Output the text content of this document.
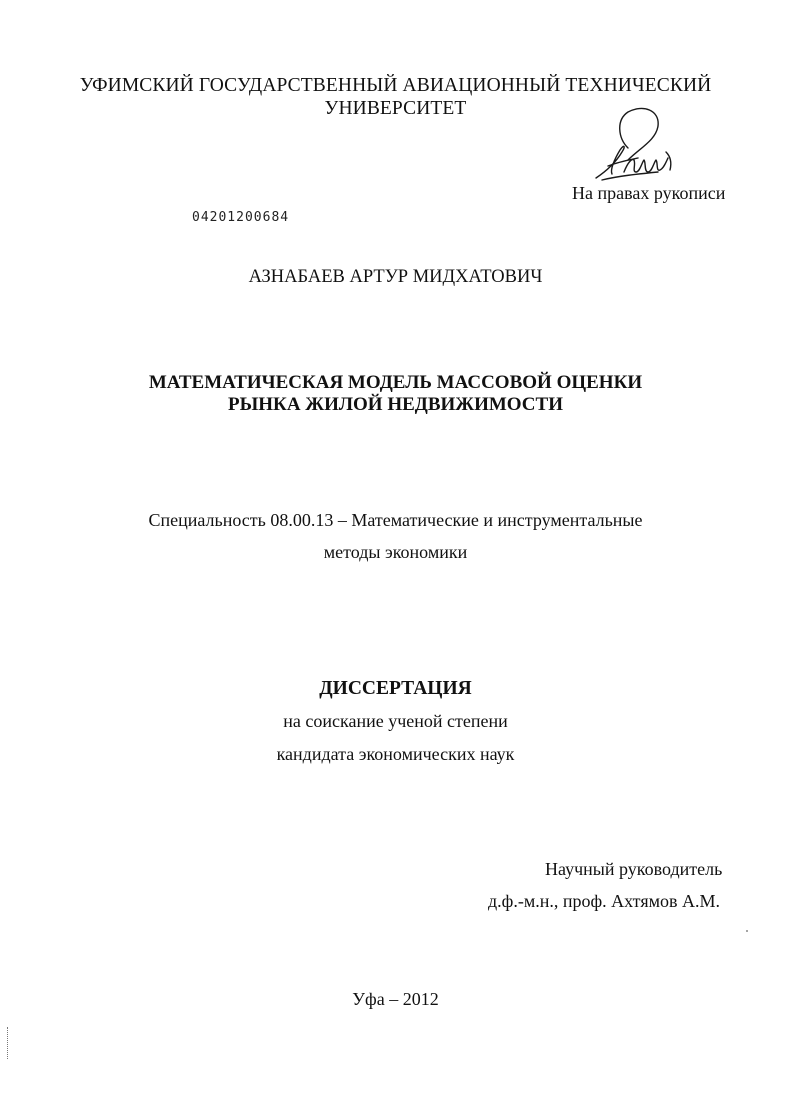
УФИМСКИЙ ГОСУДАРСТВЕННЫЙ АВИАЦИОННЫЙ ТЕХНИЧЕСКИЙ
УНИВЕРСИТЕТ
На правах рукописи
04201200684
АЗНАБАЕВ АРТУР МИДХАТОВИЧ
МАТЕМАТИЧЕСКАЯ МОДЕЛЬ МАССОВОЙ ОЦЕНКИ
РЫНКА ЖИЛОЙ НЕДВИЖИМОСТИ
Специальность 08.00.13 – Математические и инструментальные
методы экономики
ДИССЕРТАЦИЯ
на соискание ученой степени
кандидата экономических наук
Научный руководитель
д.ф.-м.н., проф. Ахтямов А.М.
Уфа – 2012
